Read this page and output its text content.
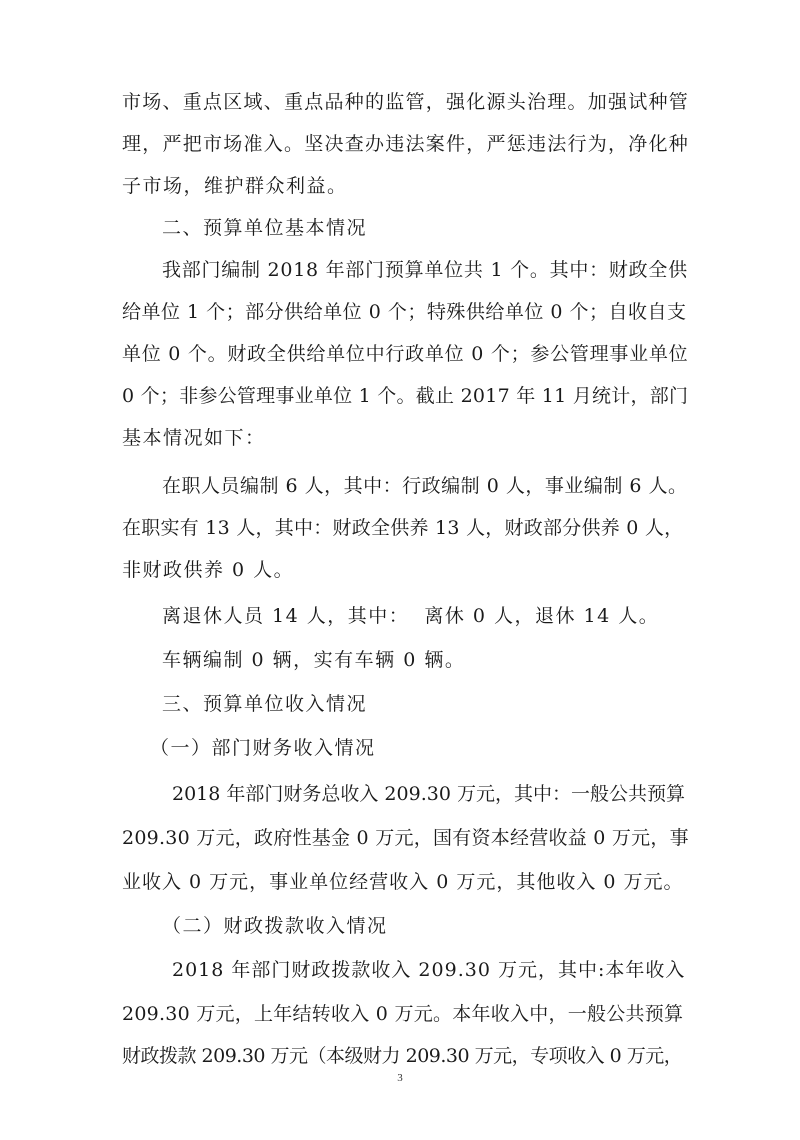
市场、重点区域、重点品种的监管，强化源头治理。加强试种管
理，严把市场准入。坚决查办违法案件，严惩违法行为，净化种
子市场，维护群众利益。
二、预算单位基本情况
我部门编制 2018 年部门预算单位共 1 个。其中：财政全供
给单位 1 个；部分供给单位 0 个；特殊供给单位 0 个；自收自支
单位 0 个。财政全供给单位中行政单位 0 个；参公管理事业单位
0 个；非参公管理事业单位 1 个。截止 2017 年 11 月统计，部门
基本情况如下：
在职人员编制 6 人，其中：行政编制 0 人，事业编制 6 人。
在职实有 13 人，其中：财政全供养 13 人，财政部分供养 0 人，
非财政供养 0 人。
离退休人员 14 人，其中：  离休 0 人，退休 14 人。
车辆编制 0 辆，实有车辆 0 辆。
三、预算单位收入情况
（一）部门财务收入情况
2018 年部门财务总收入 209.30 万元，其中：一般公共预算
209.30 万元，政府性基金 0 万元，国有资本经营收益 0 万元，事
业收入 0 万元，事业单位经营收入 0 万元，其他收入 0 万元。
（二）财政拨款收入情况
2018 年部门财政拨款收入 209.30 万元，其中:本年收入
209.30 万元，上年结转收入 0 万元。本年收入中，一般公共预算
财政拨款 209.30 万元（本级财力 209.30 万元，专项收入 0 万元，
3
